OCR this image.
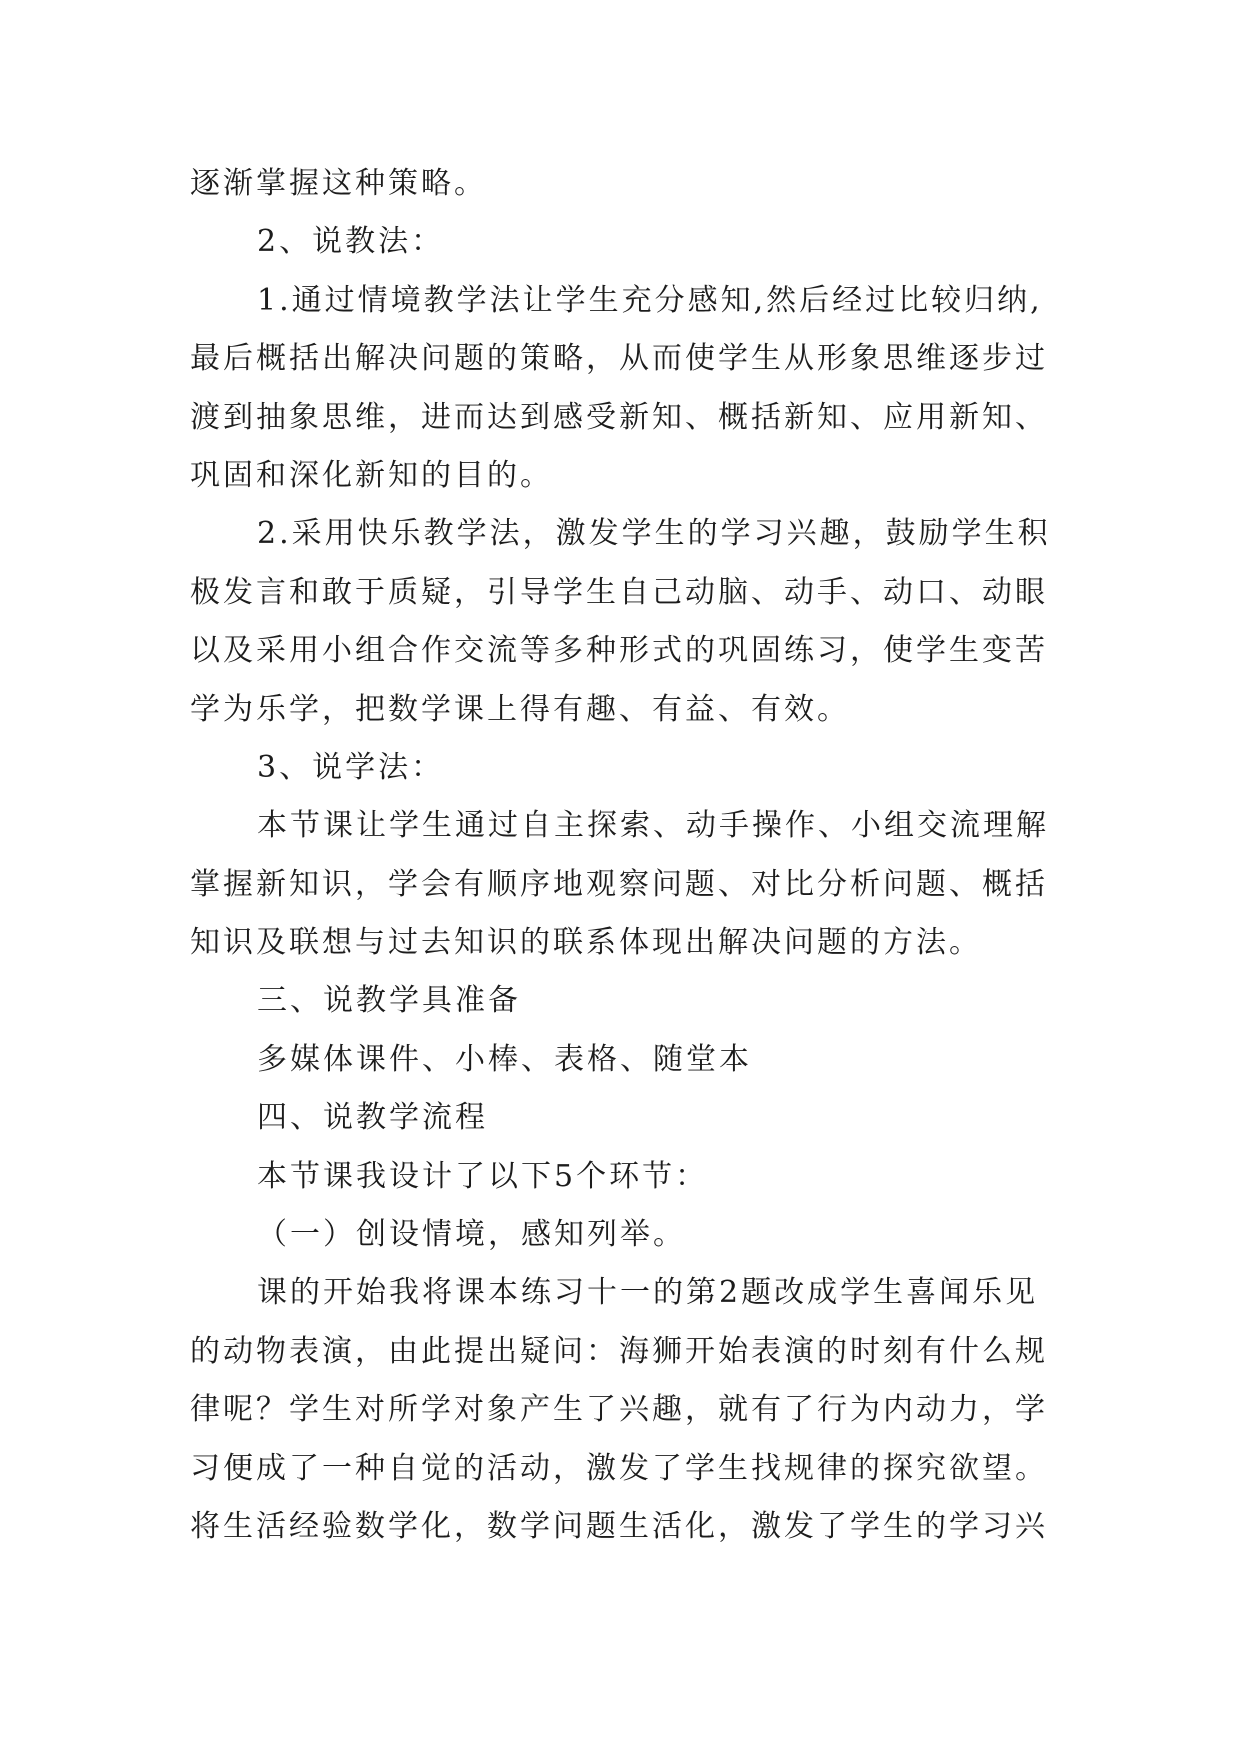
逐渐掌握这种策略。
2、说教法：
1.通过情境教学法让学生充分感知,然后经过比较归纳,
最后概括出解决问题的策略，从而使学生从形象思维逐步过
渡到抽象思维，进而达到感受新知、概括新知、应用新知、
巩固和深化新知的目的。
2.采用快乐教学法，激发学生的学习兴趣，鼓励学生积
极发言和敢于质疑，引导学生自己动脑、动手、动口、动眼
以及采用小组合作交流等多种形式的巩固练习，使学生变苦
学为乐学，把数学课上得有趣、有益、有效。
3、说学法：
本节课让学生通过自主探索、动手操作、小组交流理解
掌握新知识，学会有顺序地观察问题、对比分析问题、概括
知识及联想与过去知识的联系体现出解决问题的方法。
三、说教学具准备
多媒体课件、小棒、表格、随堂本
四、说教学流程
本节课我设计了以下5个环节：
（一）创设情境，感知列举。
课的开始我将课本练习十一的第2题改成学生喜闻乐见
的动物表演，由此提出疑问：海狮开始表演的时刻有什么规
律呢？学生对所学对象产生了兴趣，就有了行为内动力，学
习便成了一种自觉的活动，激发了学生找规律的探究欲望。
将生活经验数学化，数学问题生活化，激发了学生的学习兴
